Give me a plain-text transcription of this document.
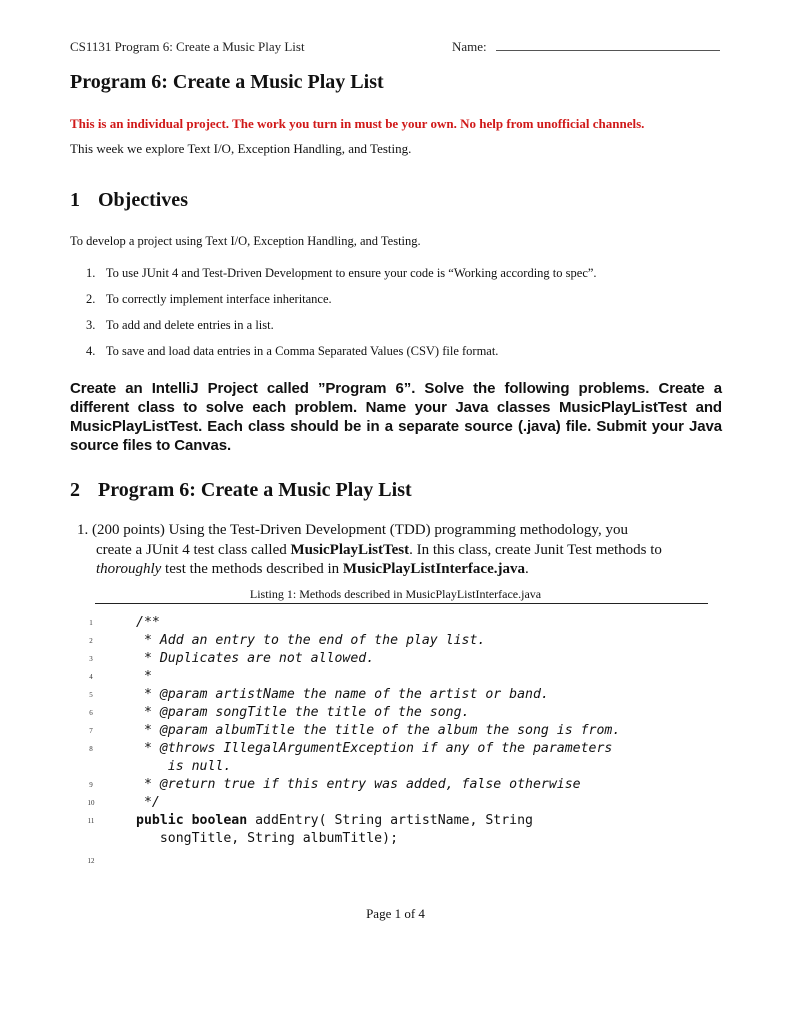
CS1131 Program 6: Create a Music Play List	Name:
Program 6: Create a Music Play List
This is an individual project. The work you turn in must be your own. No help from unofficial channels.
This week we explore Text I/O, Exception Handling, and Testing.
1 Objectives
To develop a project using Text I/O, Exception Handling, and Testing.
1. To use JUnit 4 and Test-Driven Development to ensure your code is “Working according to spec”.
2. To correctly implement interface inheritance.
3. To add and delete entries in a list.
4. To save and load data entries in a Comma Separated Values (CSV) file format.
Create an IntelliJ Project called ”Program 6”. Solve the following problems. Create a different class to solve each problem. Name your Java classes MusicPlayListTest and MusicPlayListTest. Each class should be in a separate source (.java) file. Submit your Java source files to Canvas.
2 Program 6: Create a Music Play List
1. (200 points) Using the Test-Driven Development (TDD) programming methodology, you
create a JUnit 4 test class called MusicPlayListTest. In this class, create Junit Test methods to
thoroughly test the methods described in MusicPlayListInterface.java.
Listing 1: Methods described in MusicPlayListInterface.java
1	/**
2	* Add an entry to the end of the play list.
3	* Duplicates are not allowed.
4	*
5	* @param artistName the name of the artist or band.
6	* @param songTitle the title of the song.
7	* @param albumTitle the title of the album the song is from.
8	* @throws IllegalArgumentException if any of the parameters
is null.
9	* @return true if this entry was added, false otherwise
10	*/
11	public boolean addEntry( String artistName, String
songTitle, String albumTitle);
12
Page 1 of 4
